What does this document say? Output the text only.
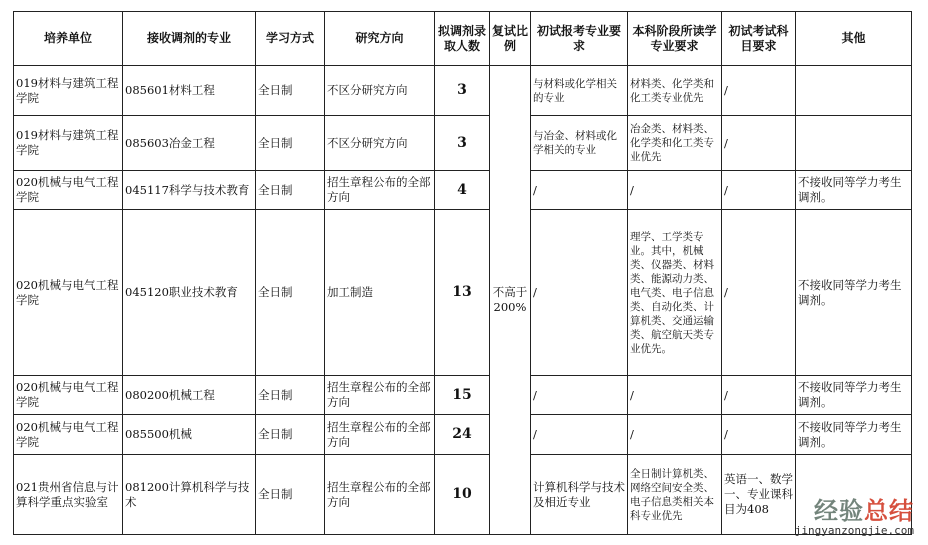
培养单位	接收调剂的专业	学习方式	研究方向	拟调剂录取人数	复试比例	初试报考专业要求	本科阶段所读学专业要求	初试考试科目要求	其他
019材料与建筑工程学院	085601材料工程	全日制	不区分研究方向	3	不高于200%	与材料或化学相关的专业	材料类、化学类和化工类专业优先	/	
019材料与建筑工程学院	085603冶金工程	全日制	不区分研究方向	3		与冶金、材料或化学相关的专业	冶金类、材料类、化学类和化工类专业优先	/	
020机械与电气工程学院	045117科学与技术教育	全日制	招生章程公布的全部方向	4		/	/	/	不接收同等学力考生调剂。
020机械与电气工程学院	045120职业技术教育	全日制	加工制造	13		/	理学、工学类专业。其中，机械类、仪器类、材料类、能源动力类、电气类、电子信息类、自动化类、计算机类、交通运输类、航空航天类专业优先。	/	不接收同等学力考生调剂。
020机械与电气工程学院	080200机械工程	全日制	招生章程公布的全部方向	15		/	/	/	不接收同等学力考生调剂。
020机械与电气工程学院	085500机械	全日制	招生章程公布的全部方向	24		/	/	/	不接收同等学力考生调剂。
021贵州省信息与计算科学重点实验室	081200计算机科学与技术	全日制	招生章程公布的全部方向	10		计算机科学与技术及相近专业	全日制计算机类、网络空间安全类、电子信息类相关本科专业优先	英语一、数学一、专业课科目为408		经验总结
jingyanzongjie.com
